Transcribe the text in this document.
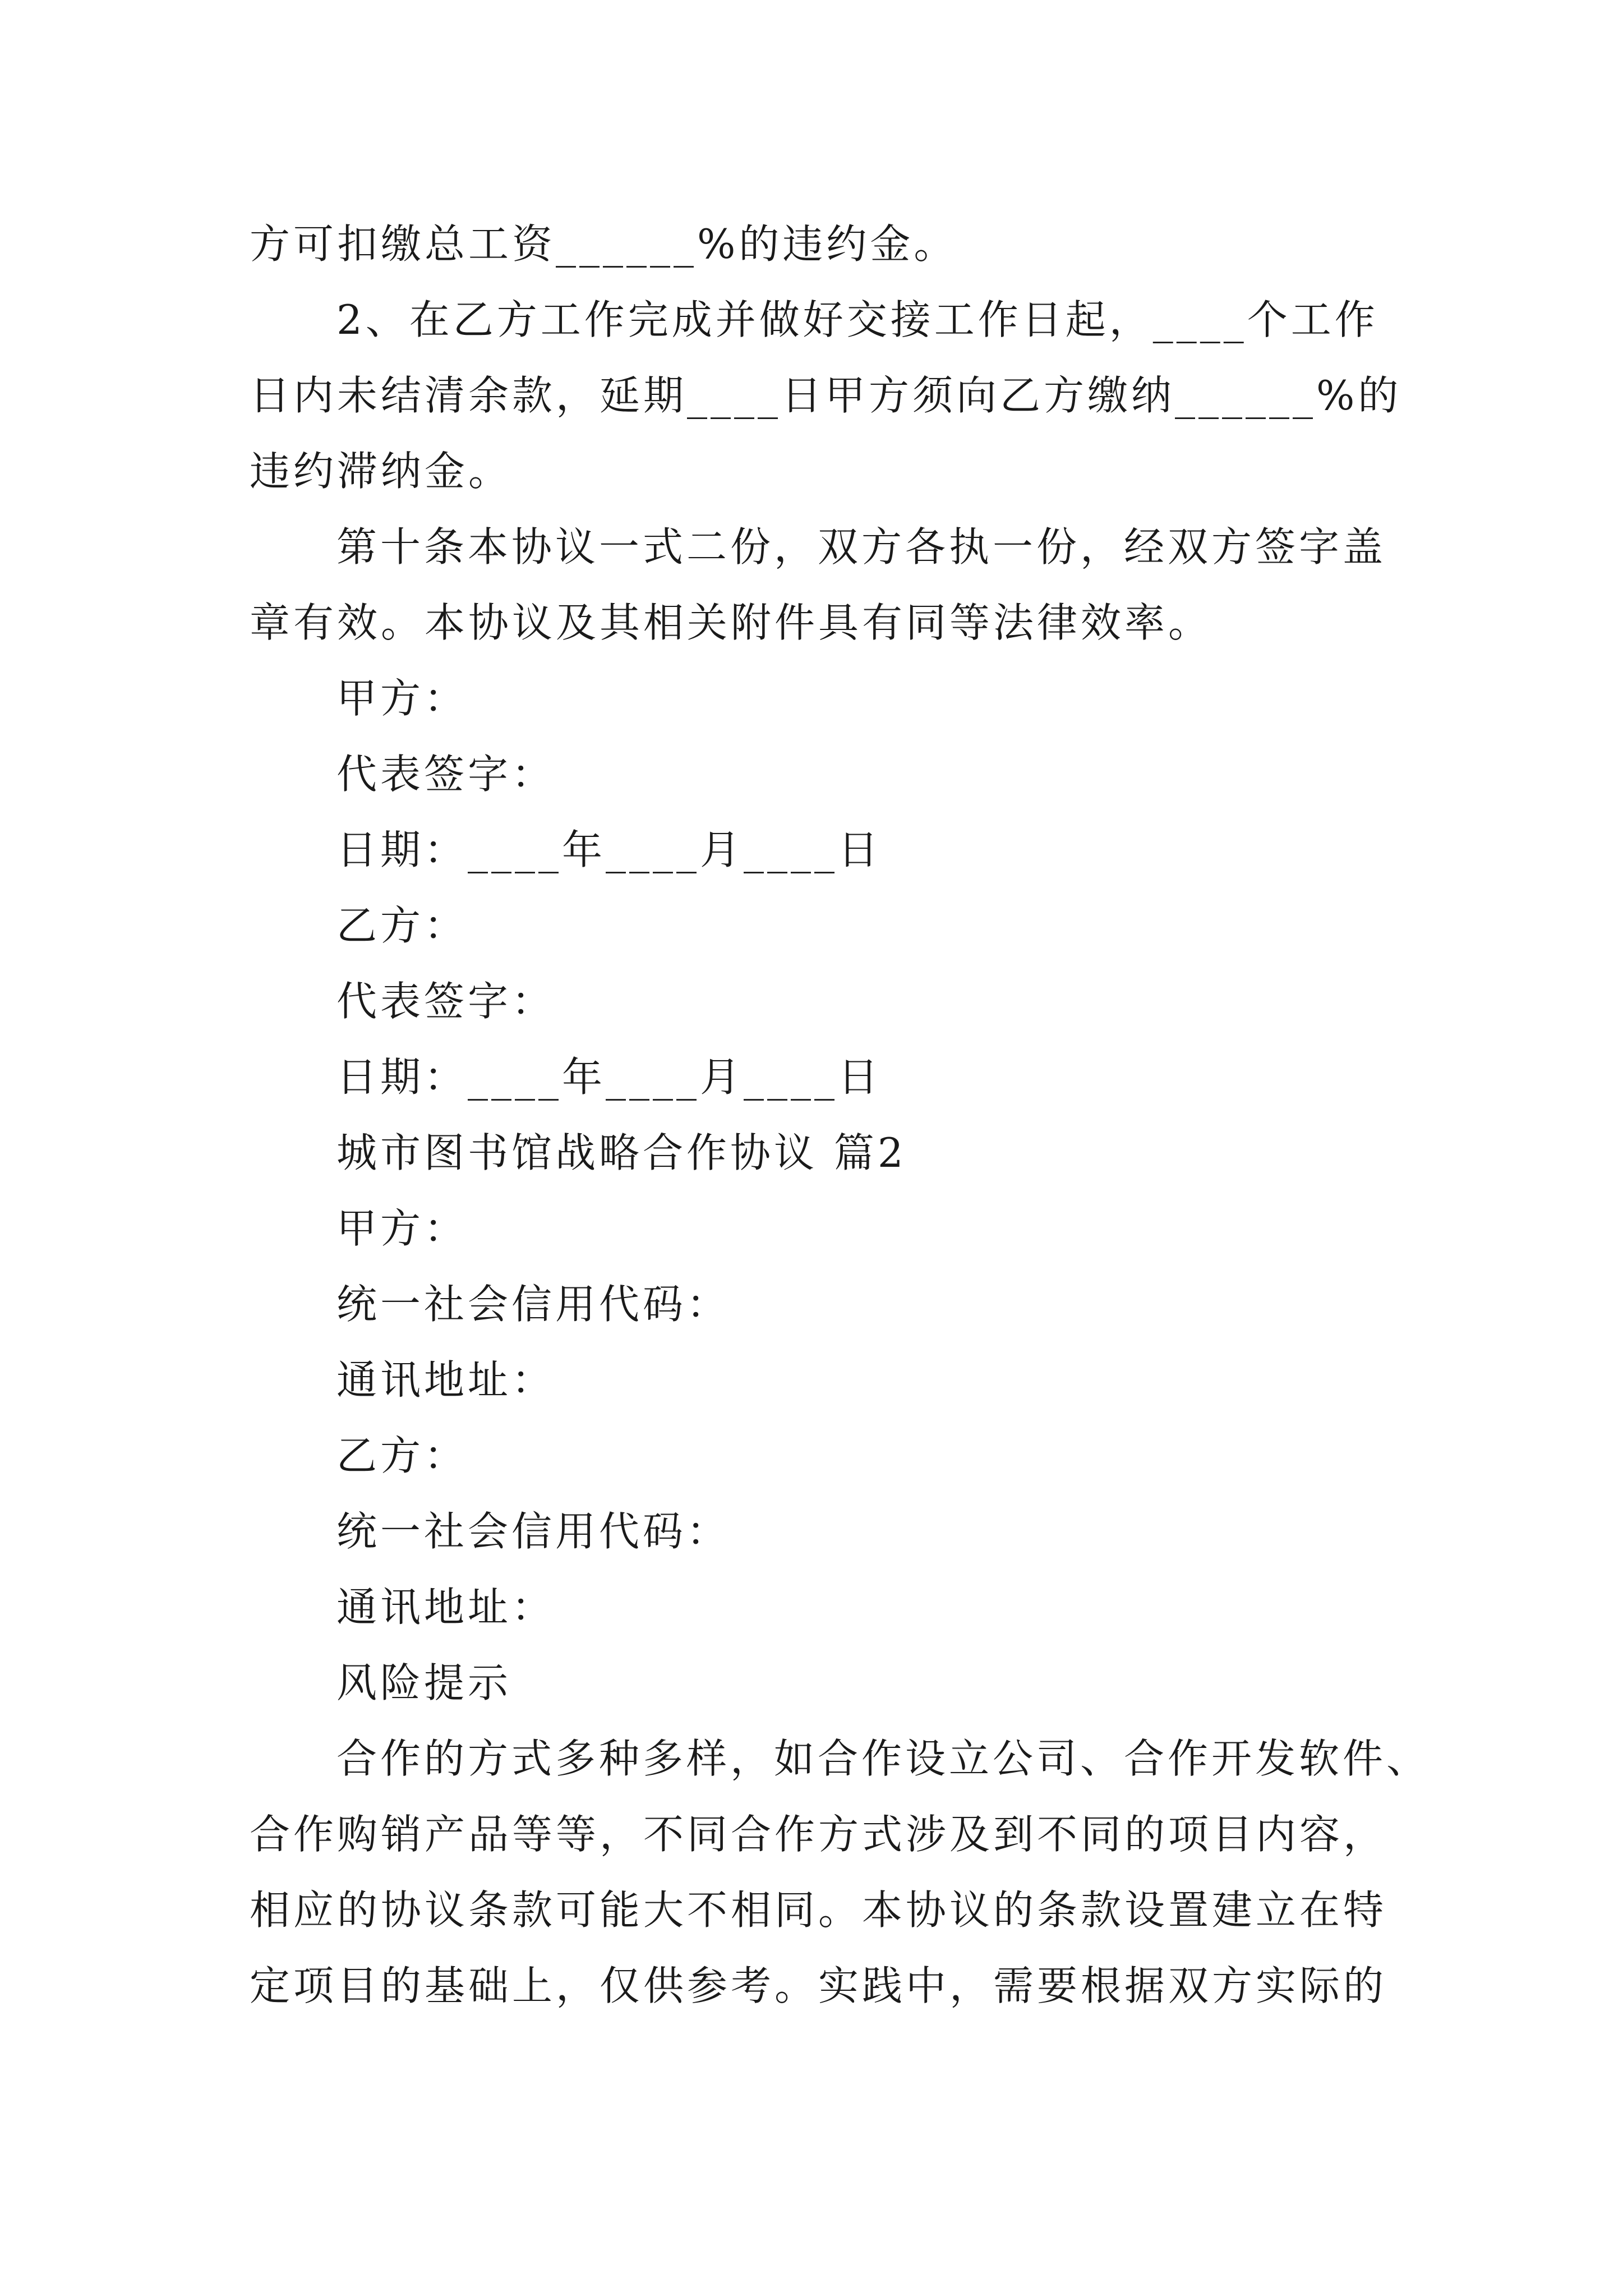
方可扣缴总工资______%的违约金。
2、在乙方工作完成并做好交接工作日起，____个工作
日内未结清余款，延期____日甲方须向乙方缴纳______%的
违约滞纳金。
第十条本协议一式二份，双方各执一份，经双方签字盖
章有效。本协议及其相关附件具有同等法律效率。
甲方：
代表签字：
日期：____年____月____日
乙方：
代表签字：
日期：____年____月____日
城市图书馆战略合作协议 篇2
甲方：
统一社会信用代码：
通讯地址：
乙方：
统一社会信用代码：
通讯地址：
风险提示
合作的方式多种多样，如合作设立公司、合作开发软件、
合作购销产品等等，不同合作方式涉及到不同的项目内容，
相应的协议条款可能大不相同。本协议的条款设置建立在特
定项目的基础上，仅供参考。实践中，需要根据双方实际的
